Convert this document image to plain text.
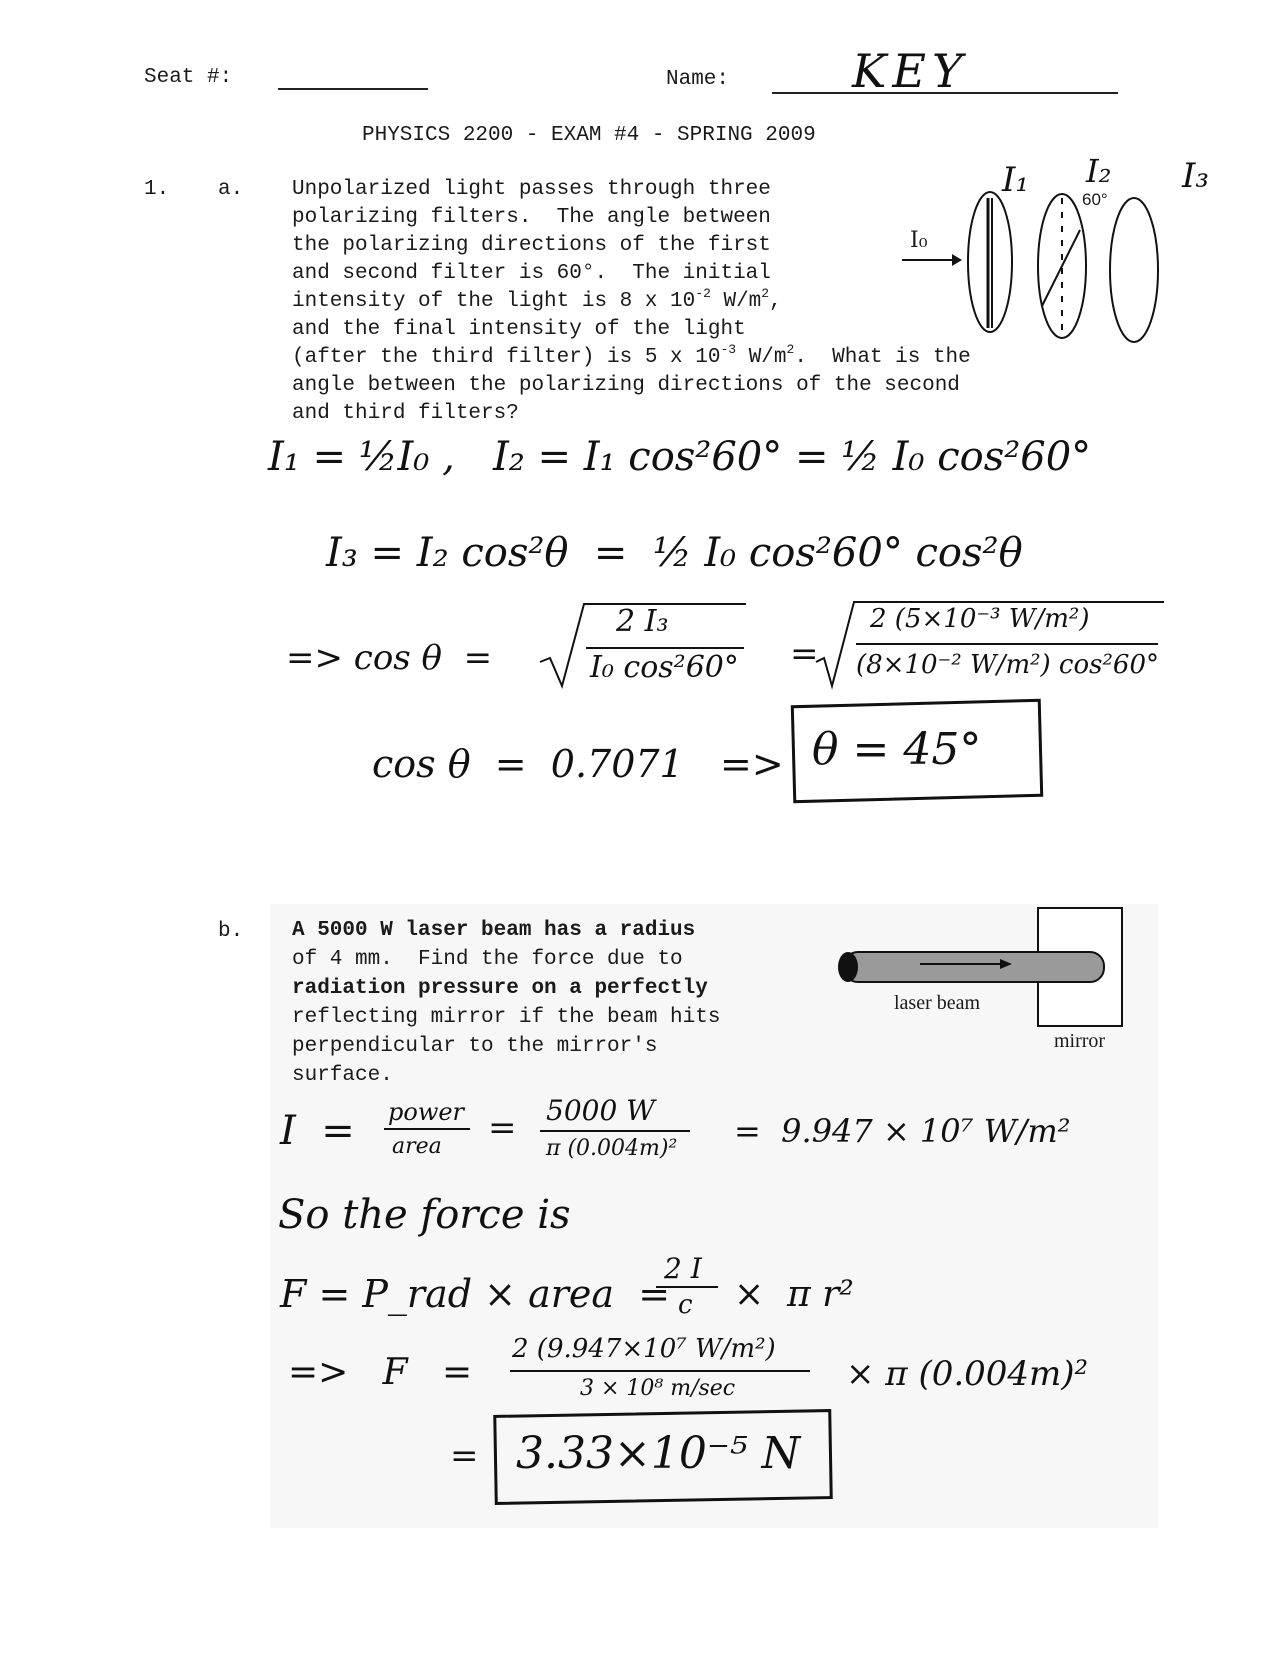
Seat #:	Name:	KEY
PHYSICS 2200 - EXAM #4 - SPRING 2009
1. a. Unpolarized light passes through three

polarizing filters.  The angle between

the polarizing directions of the first

and second filter is 60°.  The initial

intensity of the light is 8 x $10^{-2}$ $W/m^2$,

and the final intensity of the light

(after the third filter) is 5 x $10^{-3}$ $W/m^2$.  What is the

angle between the polarizing directions of the second

and third filters?

I₁ I₂ I₃
60°
I₀
I₁ = ½I₀ ,   I₂ = I₁ cos²60° = ½ I₀ cos²60°
I₃ = I₂ cos²θ  =  ½ I₀ cos²60° cos²θ
=> cos θ  =
2 I₃
I₀ cos²60° =
2 (5×10⁻³ W/m²)
(8×10⁻² W/m²) cos²60°
cos θ  =  0.7071   => θ = 45°
b. A 5000 W laser beam has a radius

of 4 mm.  Find the force due to

radiation pressure on a perfectly

reflecting mirror if the beam hits

perpendicular to the mirror's

surface.

laser beam
mirror
I  = power
area = 5000 W
π (0.004m)² =  9.947 × 10⁷ W/m²
So the force is
F = P_rad × area  =
2 I
c ×  π r²
=>   F   =
2 (9.947×10⁷ W/m²)
3 × 10⁸ m/sec	× π (0.004m)²
= 3.33×10⁻⁵ N
